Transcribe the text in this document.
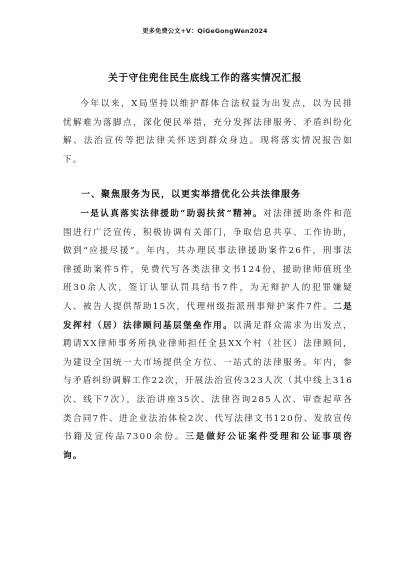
更多免费公文+V：QiGeGongWen2024
关于守住兜住民生底线工作的落实情况汇报

今年以来，X局坚持以维护群体合法权益为出发点，以为民排忧解难为落脚点，深化便民举措，充分发挥法律服务、矛盾纠纷化解、法治宣传等把法律关怀送到群众身边。现将落实情况报告如下。

一、聚焦服务为民，以更实举措优化公共法律服务

一是认真落实法律援助“助弱扶贫”精神。对法律援助条件和范围进行广泛宣传，积极协调有关部门，争取信息共享、工作协助，做到“应援尽援”。年内，共办理民事法律援助案件26件，刑事法律援助案件5件，免费代写各类法律文书124份，援助律师值班坐班30余人次，签订认罪认罚具结书7件，为无辩护人的犯罪嫌疑人、被告人提供帮助15次，代理州级指派刑事辩护案件7件。二是发挥村（居）法律顾问基层堡垒作用。以满足群众需求为出发点，聘请XX律师事务所执业律师担任全县XX个村（社区）法律顾问，为建设全国统一大市场提供全方位、一站式的法律服务。年内，参与矛盾纠纷调解工作22次，开展法治宣传323人次（其中线上316次、线下7次），法治讲座35次、法律咨询285人次、审查起草各类合同7件、进企业法治体检2次、代写法律文书120份、发放宣传书籍及宣传品7300余份。三是做好公证案件受理和公证事项咨询。
